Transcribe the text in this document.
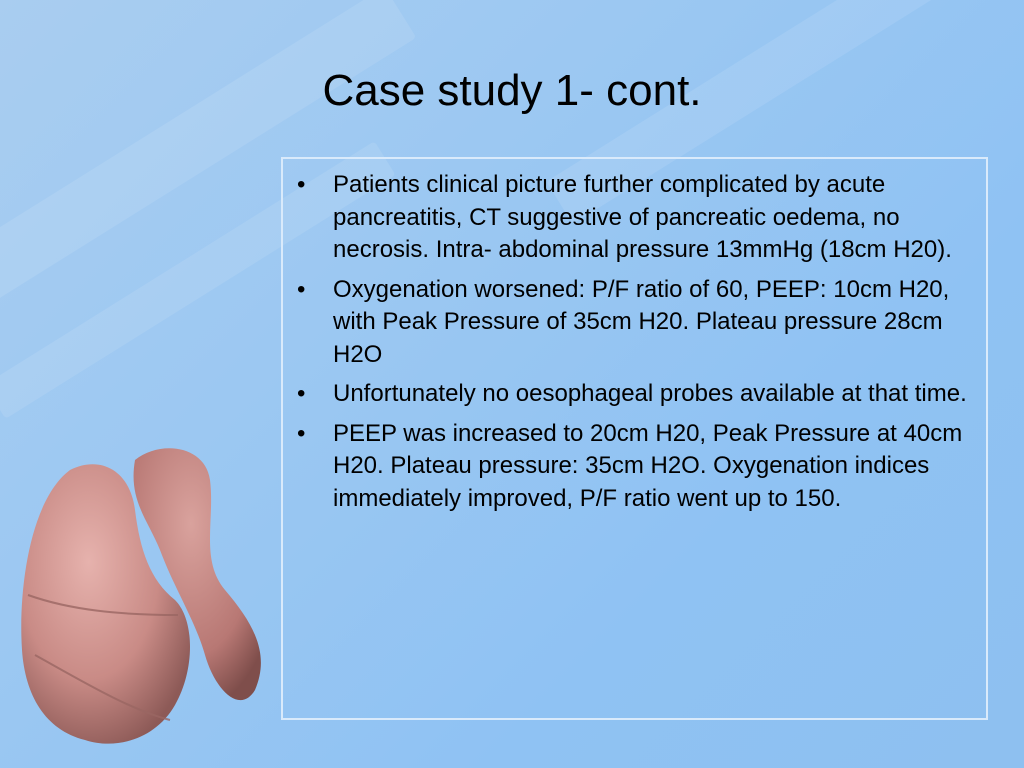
Case study 1- cont.
•	Patients clinical picture further complicated by acute pancreatitis, CT suggestive of pancreatic oedema, no necrosis. Intra- abdominal pressure 13mmHg (18cm H20).
•	Oxygenation worsened: P/F ratio of 60, PEEP: 10cm H20, with Peak Pressure of 35cm H20. Plateau pressure 28cm H2O
•	Unfortunately no oesophageal probes available at that time.
•	PEEP was increased to 20cm H20, Peak Pressure at 40cm H20. Plateau pressure: 35cm H2O. Oxygenation indices immediately improved, P/F ratio went up to 150.
